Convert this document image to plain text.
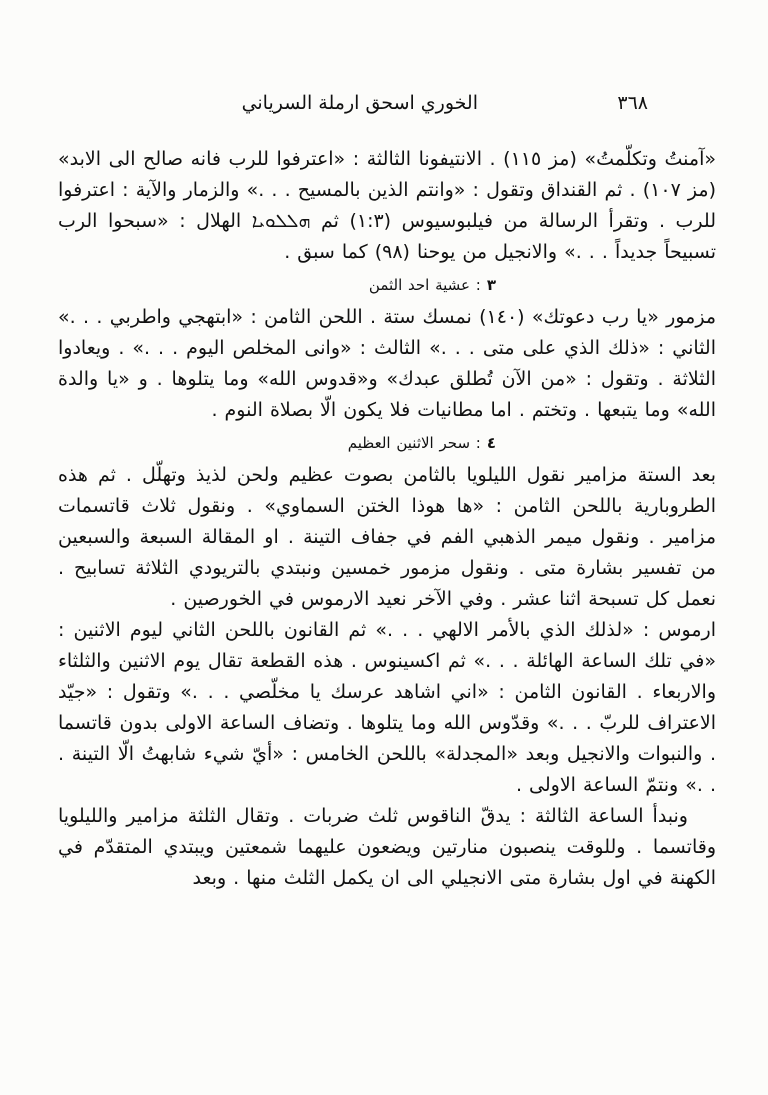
٣٦٨
الخوري اسحق ارملة السرياني

«آمنتُ وتكلّمتُ» (مز ١١٥) . الانتيفونا الثالثة : «اعترفوا للرب فانه صالح الى الابد» (مز ١٠٧) . ثم القنداق وتقول : «وانتم الذين بالمسيح . . .» والزمار والآية : اعترفوا للرب . وتقرأ الرسالة من فيلبوسيوس (١:٣) ثم ܗܠܠܘܝܐ الهلال : «سبحوا الرب تسبيحاً جديداً . . .» والانجيل من يوحنا (٩٨) كما سبق .

٣: عشية احد الثمن

مزمور «يا رب دعوتك» (١٤٠) نمسك ستة . اللحن الثامن : «ابتهجي واطربي . . .» الثاني : «ذلك الذي على متى . . .» الثالث : «وانى المخلص اليوم . . .» . ويعادوا الثلاثة . وتقول : «من الآن تُطلق عبدك» و«قدوس الله» وما يتلوها . و «يا والدة الله» وما يتبعها . وتختم . اما مطانيات فلا يكون الّا بصلاة النوم .

٤: سحر الاثنين العظيم

بعد الستة مزامير نقول الليلويا بالثامن بصوت عظيم ولحن لذيذ وتهلّل . ثم هذه الطروبارية باللحن الثامن : «ها هوذا الختن السماوي» . ونقول ثلاث قاتسمات مزامير . ونقول ميمر الذهبي الفم في جفاف التينة . او المقالة السبعة والسبعين من تفسير بشارة متى . ونقول مزمور خمسين ونبتدي بالتريودي الثلاثة تسابيح . نعمل كل تسبحة اثنا عشر . وفي الآخر نعيد الارموس في الخورصين .

ارموس : «لذلك الذي بالأمر الالهي . . .» ثم القانون باللحن الثاني ليوم الاثنين : «في تلك الساعة الهائلة . . .» ثم اكسينوس . هذه القطعة تقال يوم الاثنين والثلثاء والاربعاء . القانون الثامن : «اني اشاهد عرسك يا مخلّصي . . .» وتقول : «جيّد الاعتراف للربّ . . .» وقدّوس الله وما يتلوها . وتضاف الساعة الاولى بدون قاتسما . والنبوات والانجيل وبعد «المجدلة» باللحن الخامس : «أيّ شيء شابهتُ الّا التينة . . .» ونتمّ الساعة الاولى .

ونبدأ الساعة الثالثة : يدقّ الناقوس ثلث ضربات . وتقال الثلثة مزامير والليلويا وقاتسما . وللوقت ينصبون منارتين ويضعون عليهما شمعتين ويبتدي المتقدّم في الكهنة في اول بشارة متى الانجيلي الى ان يكمل الثلث منها . وبعد
